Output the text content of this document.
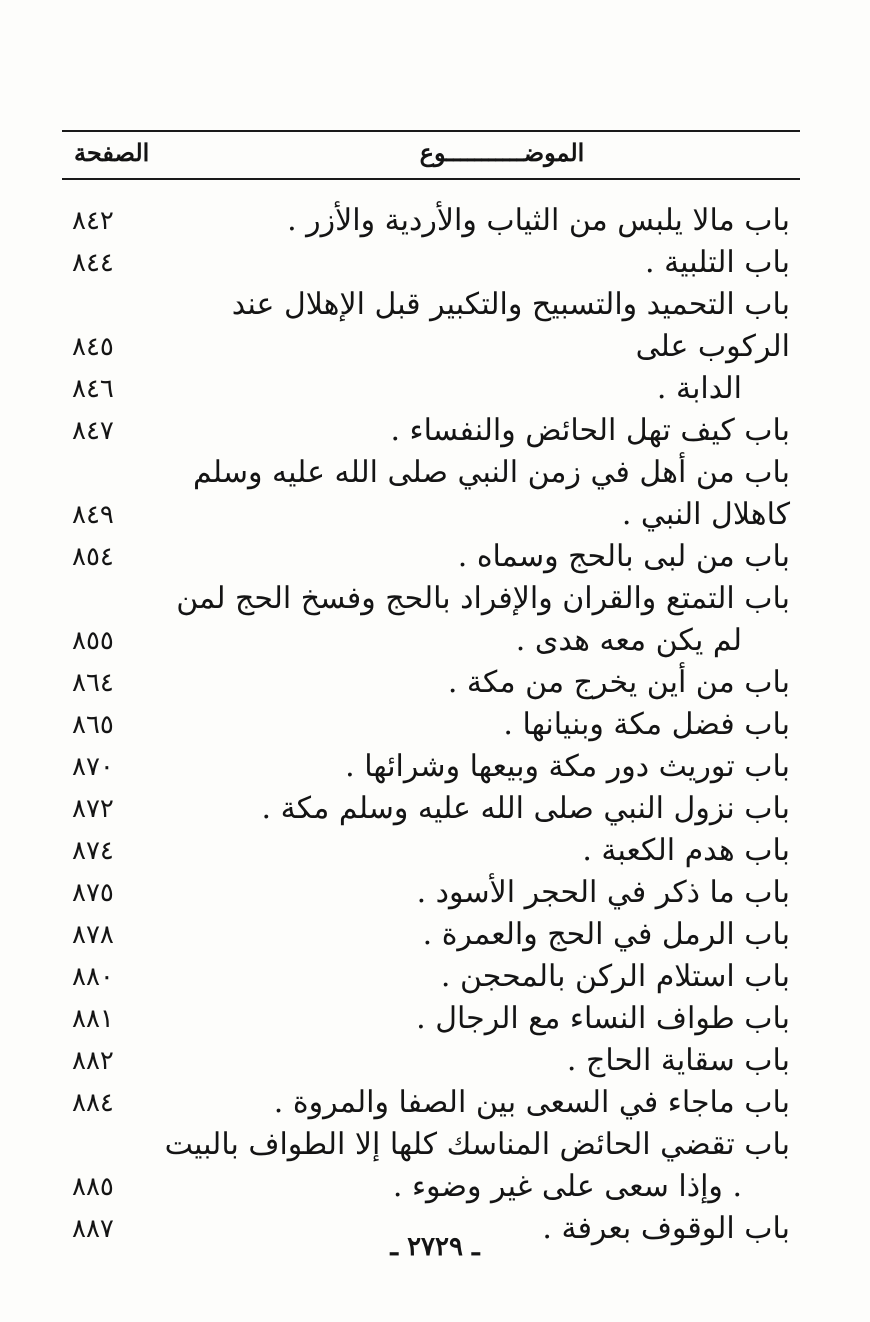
الصفحة	الموضـــــــــــوع
باب مالا يلبس من الثياب والأردية والأزر .
٨٤٢
باب التلبية .
٨٤٤
باب التحميد والتسبيح والتكبير قبل الإهلال عند الركوب على
٨٤٥
الدابة .
٨٤٦
باب كيف تهل الحائض والنفساء .
٨٤٧
باب من أهل في زمن النبي صلى الله عليه وسلم كاهلال النبي .
٨٤٩
باب من لبى بالحج وسماه .
٨٥٤
باب التمتع والقران والإفراد بالحج وفسخ الحج لمن لم يكن معه هدى .
٨٥٥
باب من أين يخرج من مكة .
٨٦٤
باب فضل مكة وبنيانها .
٨٦٥
باب توريث دور مكة وبيعها وشرائها .
٨٧٠
باب نزول النبي صلى الله عليه وسلم مكة .
٨٧٢
باب هدم الكعبة .
٨٧٤
باب ما ذكر في الحجر الأسود .
٨٧٥
باب الرمل في الحج والعمرة .
٨٧٨
باب استلام الركن بالمحجن .
٨٨٠
باب طواف النساء مع الرجال .
٨٨١
باب سقاية الحاج .
٨٨٢
باب ماجاء في السعى بين الصفا والمروة .
٨٨٤
باب تقضي الحائض المناسك كلها إلا الطواف بالبيت . وإذا سعى على غير وضوء .
٨٨٥
باب الوقوف بعرفة .
٨٨٧
ـ ٢٧٢٩ ـ
